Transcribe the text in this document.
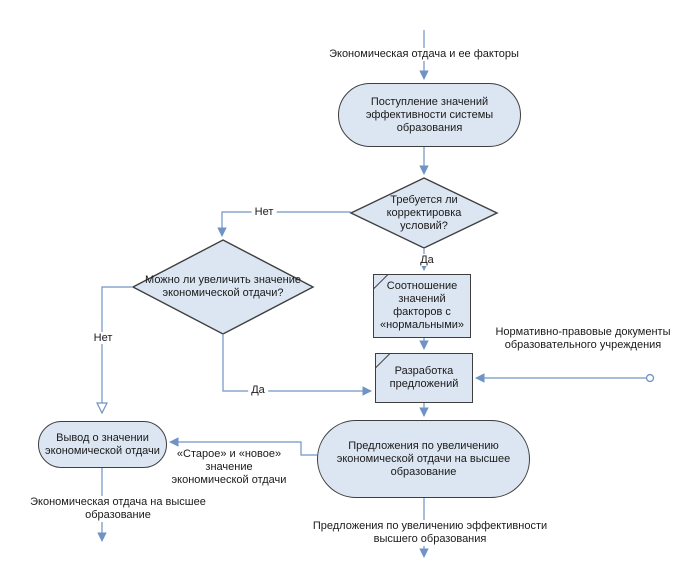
Поступление значений эффективности системы образования
Требуется ли корректировка условий?
Можно ли увеличить значение экономической отдачи?
Соотношение значений факторов с «нормальными»
Разработка предложений
Предложения по увеличению экономической отдачи на высшее образование
Вывод о значении экономической отдачи
Экономическая отдача и ее факторы
Нормативно-правовые документы образовательного учреждения
«Старое» и «новое» значение экономической отдачи
Экономическая отдача на высшее образование
Предложения по увеличению эффективности высшего образования
Нет
Да
Нет
Да
